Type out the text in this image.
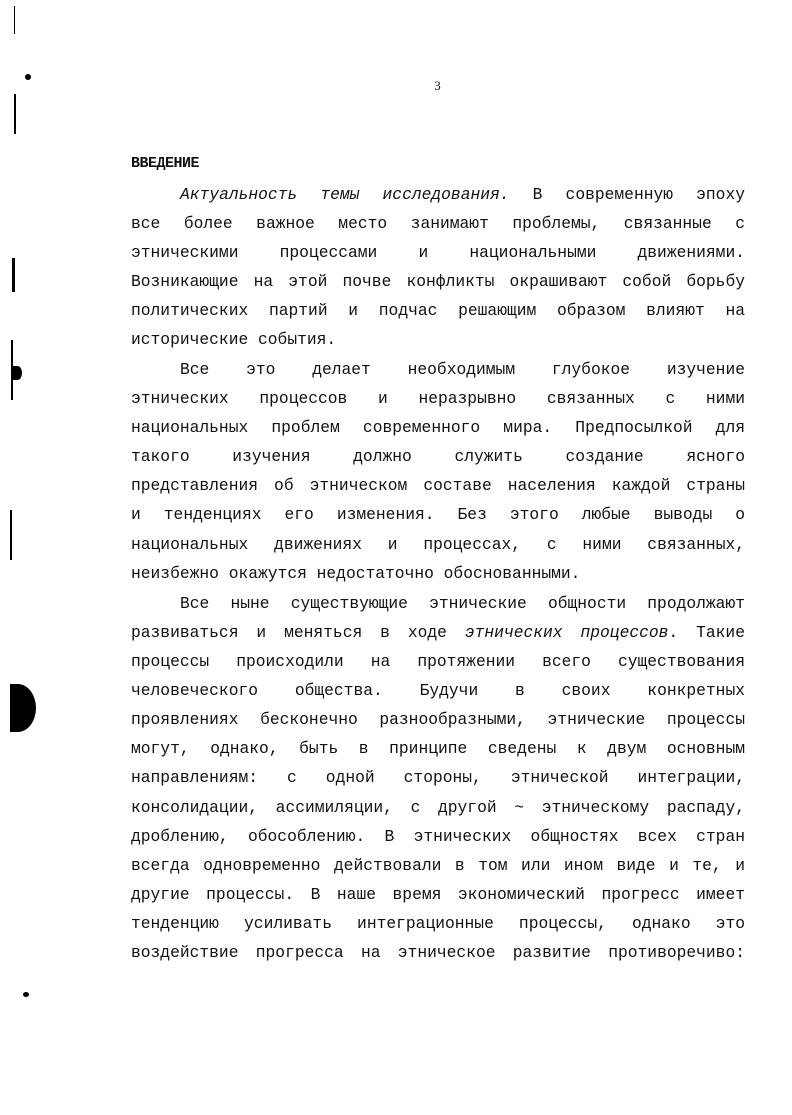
3
ВВЕДЕНИЕ
Актуальность темы исследования. В современную эпоху
все более важное место занимают проблемы, связанные с
этническими процессами и национальными движениями.
Возникающие на этой почве конфликты окрашивают собой борьбу
политических партий и подчас решающим образом влияют на
исторические события.
Все это делает необходимым глубокое изучение
этнических процессов и неразрывно связанных с ними
национальных проблем современного мира. Предпосылкой для
такого изучения должно служить создание ясного
представления об этническом составе населения каждой страны
и тенденциях его изменения. Без этого любые выводы о
национальных движениях и процессах, с ними связанных,
неизбежно окажутся недостаточно обоснованными.
Все ныне существующие этнические общности продолжают
развиваться и меняться в ходе этнических процессов. Такие
процессы происходили на протяжении всего существования
человеческого общества. Будучи в своих конкретных
проявлениях бесконечно разнообразными, этнические процессы
могут, однако, быть в принципе сведены к двум основным
направлениям: с одной стороны, этнической интеграции,
консолидации, ассимиляции, с другой ~ этническому распаду,
дроблению, обособлению. В этнических общностях всех стран
всегда одновременно действовали в том или ином виде и те, и
другие процессы. В наше время экономический прогресс имеет
тенденцию усиливать интеграционные процессы, однако это
воздействие прогресса на этническое развитие противоречиво:
